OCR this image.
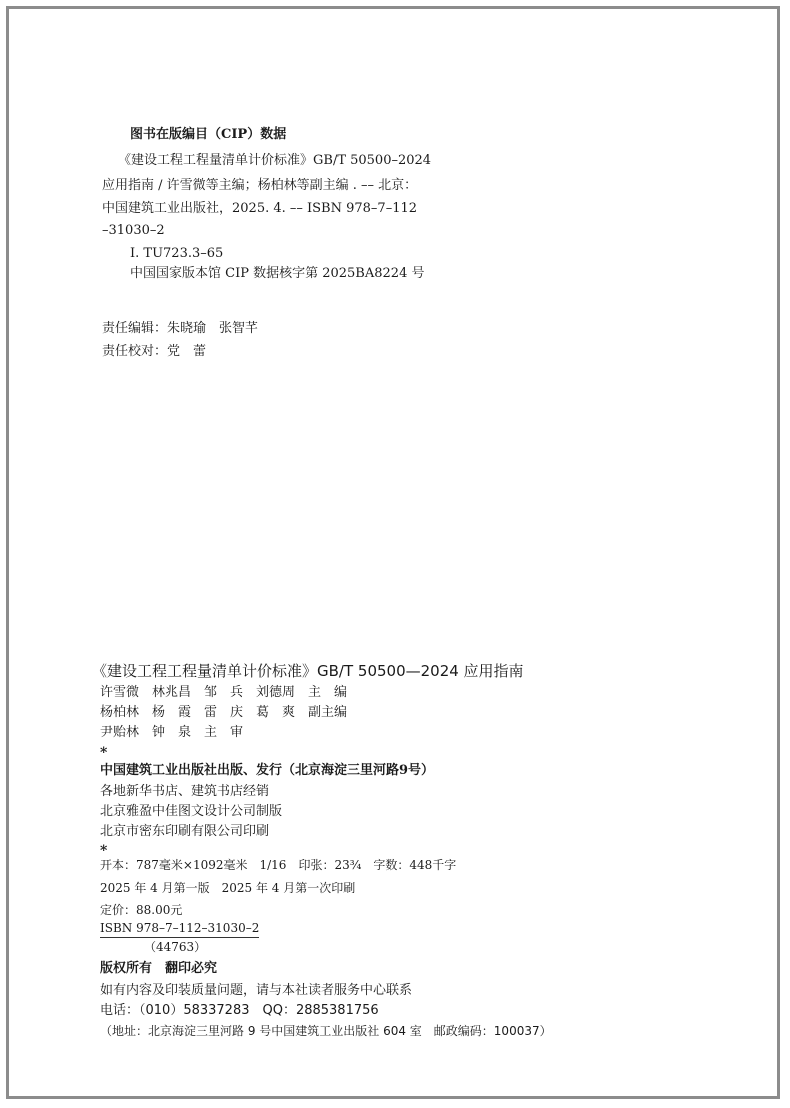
图书在版编目（CIP）数据
《建设工程工程量清单计价标准》GB/T 50500–2024
应用指南 / 许雪微等主编；杨柏林等副主编 . –– 北京：
中国建筑工业出版社，2025. 4. –– ISBN 978–7–112
–31030–2
Ⅰ. TU723.3–65
中国国家版本馆 CIP 数据核字第 2025BA8224 号
责任编辑：朱晓瑜　张智芊
责任校对：党　蕾
《建设工程工程量清单计价标准》GB/T 50500—2024 应用指南
许雪微　林兆昌　邹　兵　刘德周　主　编
杨柏林　杨　霞　雷　庆　葛　爽　副主编
尹贻林　钟　泉　主　审
*
中国建筑工业出版社出版、发行（北京海淀三里河路9号）
各地新华书店、建筑书店经销
北京雅盈中佳图文设计公司制版
北京市密东印刷有限公司印刷
*
开本：787毫米×1092毫米　1/16　印张：23¾　字数：448千字
2025 年 4 月第一版　2025 年 4 月第一次印刷
定价：88.00元
ISBN 978–7–112–31030–2
（44763）
版权所有　翻印必究
如有内容及印装质量问题，请与本社读者服务中心联系
电话：（010）58337283　QQ：2885381756
（地址：北京海淀三里河路 9 号中国建筑工业出版社 604 室　邮政编码：100037）
